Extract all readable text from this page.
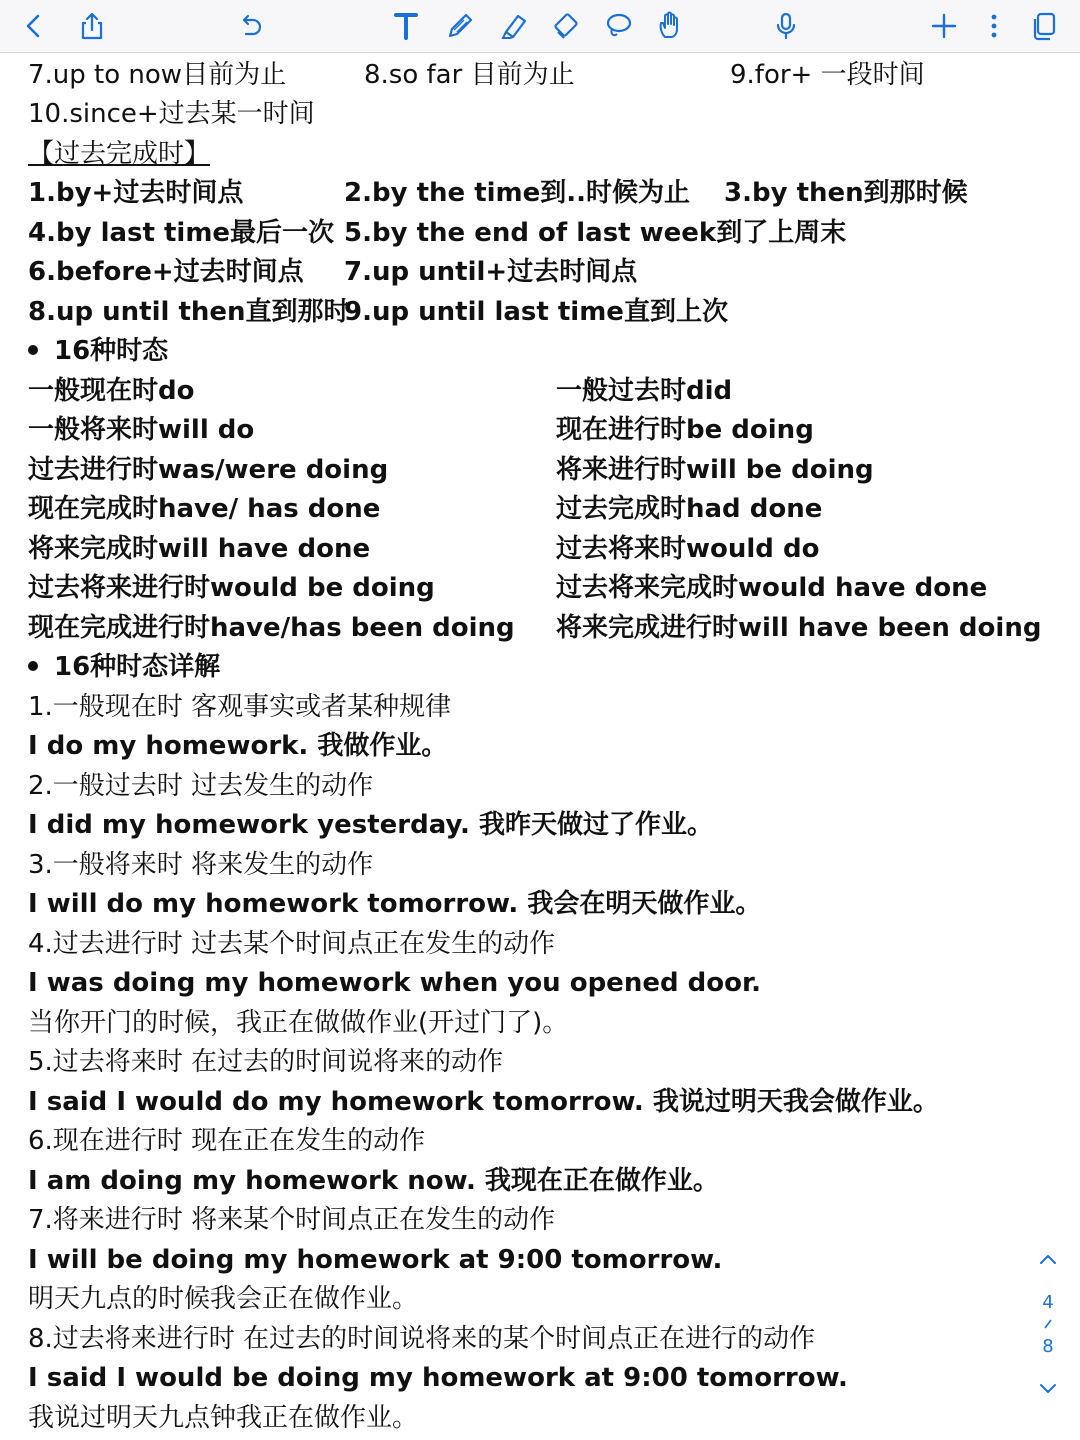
7.up to now目前为止	8.so far 目前为止	9.for+ 一段时间
10.since+过去某一时间
【过去完成时】
1.by+过去时间点	2.by the time到..时候为止 3.by then到那时候
4.by last time最后一次 5.by the end of last week到了上周末
6.before+过去时间点 7.up until+过去时间点
8.up until then直到那时
9.up until last time直到上次
16种时态
一般现在时do	一般过去时did
一般将来时will do	现在进行时be doing
过去进行时was/were doing	将来进行时will be doing
现在完成时have/ has done	过去完成时had done
将来完成时will have done	过去将来时would do
过去将来进行时would be doing	过去将来完成时would have done
现在完成进行时have/has been doing 将来完成进行时will have been doing
16种时态详解
1.一般现在时 客观事实或者某种规律
I do my homework. 我做作业。
2.一般过去时 过去发生的动作
I did my homework yesterday. 我昨天做过了作业。
3.一般将来时 将来发生的动作
I will do my homework tomorrow. 我会在明天做作业。
4.过去进行时 过去某个时间点正在发生的动作
I was doing my homework when you opened door.
当你开门的时候，我正在做做作业(开过门了)。
5.过去将来时 在过去的时间说将来的动作
I said I would do my homework tomorrow. 我说过明天我会做作业。
6.现在进行时 现在正在发生的动作
I am doing my homework now. 我现在正在做作业。
7.将来进行时 将来某个时间点正在发生的动作
I will be doing my homework at 9:00 tomorrow.
明天九点的时候我会正在做作业。
8.过去将来进行时 在过去的时间说将来的某个时间点正在进行的动作
I said I would be doing my homework at 9:00 tomorrow.
我说过明天九点钟我正在做作业。
4
8
